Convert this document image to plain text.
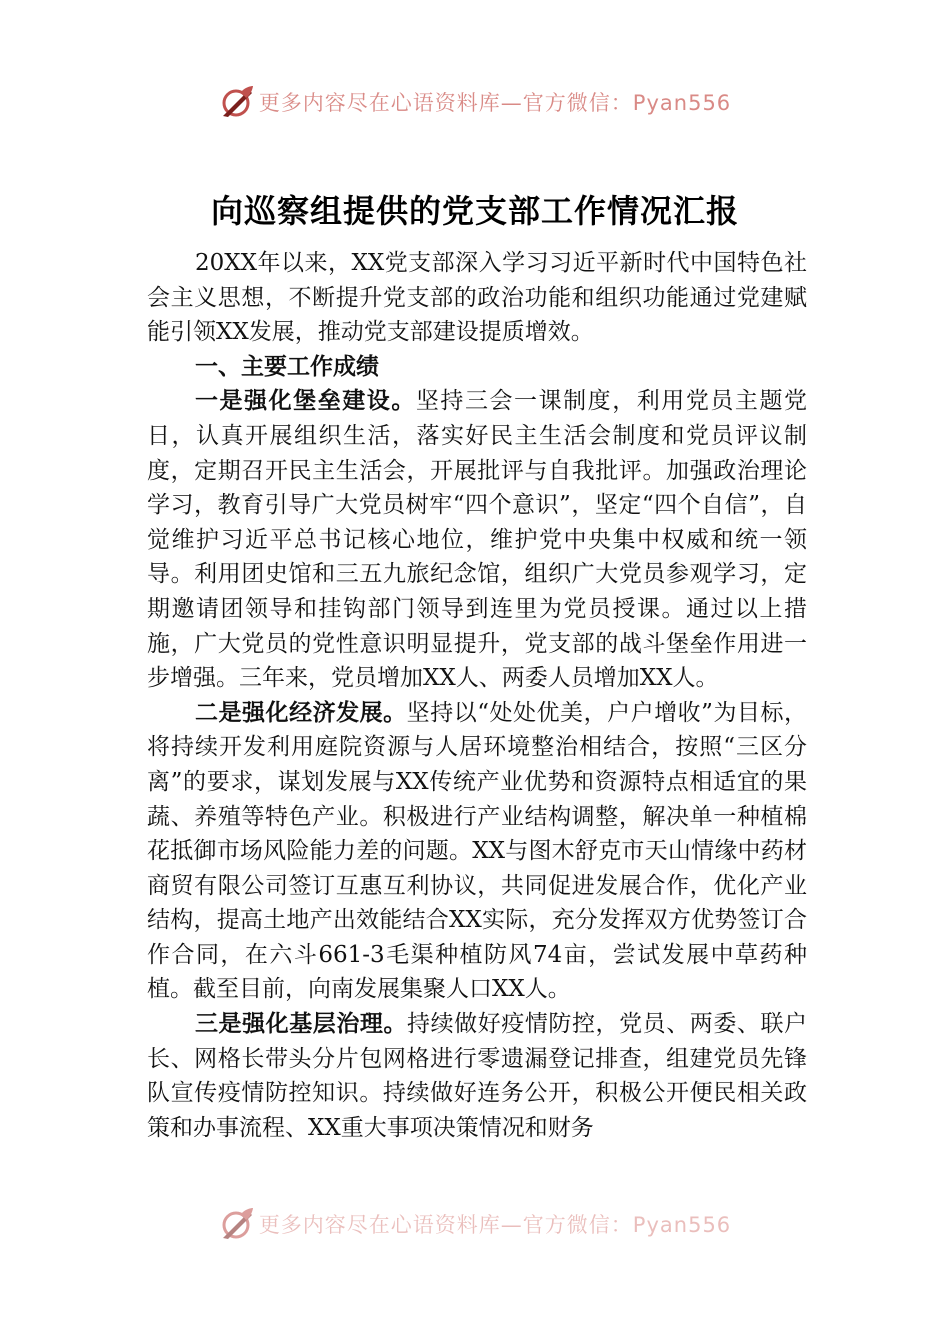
更多内容尽在心语资料库—官方微信：Pyan556
向巡察组提供的党支部工作情况汇报

20XX年以来，XX党支部深入学习习近平新时代中国特色社会主义思想，不断提升党支部的政治功能和组织功能通过党建赋能引领XX发展，推动党支部建设提质增效。

一、主要工作成绩

一是强化堡垒建设。坚持三会一课制度，利用党员主题党日，认真开展组织生活，落实好民主生活会制度和党员评议制度，定期召开民主生活会，开展批评与自我批评。加强政治理论学习，教育引导广大党员树牢“四个意识”，坚定“四个自信”，自觉维护习近平总书记核心地位，维护党中央集中权威和统一领导。利用团史馆和三五九旅纪念馆，组织广大党员参观学习，定期邀请团领导和挂钩部门领导到连里为党员授课。通过以上措施，广大党员的党性意识明显提升，党支部的战斗堡垒作用进一步增强。三年来，党员增加XX人、两委人员增加XX人。

二是强化经济发展。坚持以“处处优美，户户增收”为目标，将持续开发利用庭院资源与人居环境整治相结合，按照“三区分离”的要求，谋划发展与XX传统产业优势和资源特点相适宜的果蔬、养殖等特色产业。积极进行产业结构调整，解决单一种植棉花抵御市场风险能力差的问题。XX与图木舒克市天山情缘中药材商贸有限公司签订互惠互利协议，共同促进发展合作，优化产业结构，提高土地产出效能结合XX实际，充分发挥双方优势签订合作合同，在六斗661-3毛渠种植防风74亩，尝试发展中草药种植。截至目前，向南发展集聚人口XX人。

三是强化基层治理。持续做好疫情防控，党员、两委、联户长、网格长带头分片包网格进行零遗漏登记排查，组建党员先锋队宣传疫情防控知识。持续做好连务公开，积极公开便民相关政策和办事流程、XX重大事项决策情况和财务

更多内容尽在心语资料库—官方微信：Pyan556
